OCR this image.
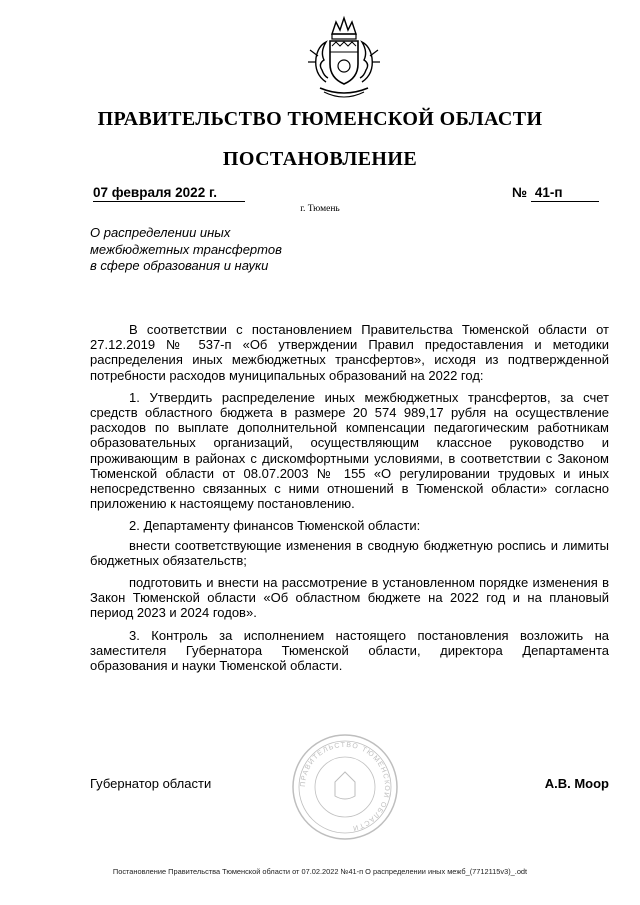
ПРАВИТЕЛЬСТВО ТЮМЕНСКОЙ ОБЛАСТИ
ПОСТАНОВЛЕНИЕ
07 февраля 2022 г.	№ 41-п
г. Тюмень
О распределении иных
межбюджетных трансфертов
в сфере образования и науки

В соответствии с постановлением Правительства Тюменской области от 27.12.2019 № 537-п «Об утверждении Правил предоставления и методики распределения иных межбюджетных трансфертов», исходя из подтвержденной потребности расходов муниципальных образований на 2022 год:

1. Утвердить распределение иных межбюджетных трансфертов, за счет средств областного бюджета в размере 20 574 989,17 рубля на осуществление расходов по выплате дополнительной компенсации педагогическим работникам образовательных организаций, осуществляющим классное руководство и проживающим в районах с дискомфортными условиями, в соответствии с Законом Тюменской области от 08.07.2003 № 155 «О регулировании трудовых и иных непосредственно связанных с ними отношений в Тюменской области» согласно приложению к настоящему постановлению.

2. Департаменту финансов Тюменской области:

внести соответствующие изменения в сводную бюджетную роспись и лимиты бюджетных обязательств;

подготовить и внести на рассмотрение в установленном порядке изменения в Закон Тюменской области «Об областном бюджете на 2022 год и на плановый период 2023 и 2024 годов».

3. Контроль за исполнением настоящего постановления возложить на заместителя Губернатора Тюменской области, директора Департамента образования и науки Тюменской области.

ПРАВИТЕЛЬСТВО ТЮМЕНСКОЙ ОБЛАСТИ
Губернатор области	А.В. Моор
Постановление Правительства Тюменской области от 07.02.2022 №41-п О распределении иных межб_(7712115v3)_.odt
